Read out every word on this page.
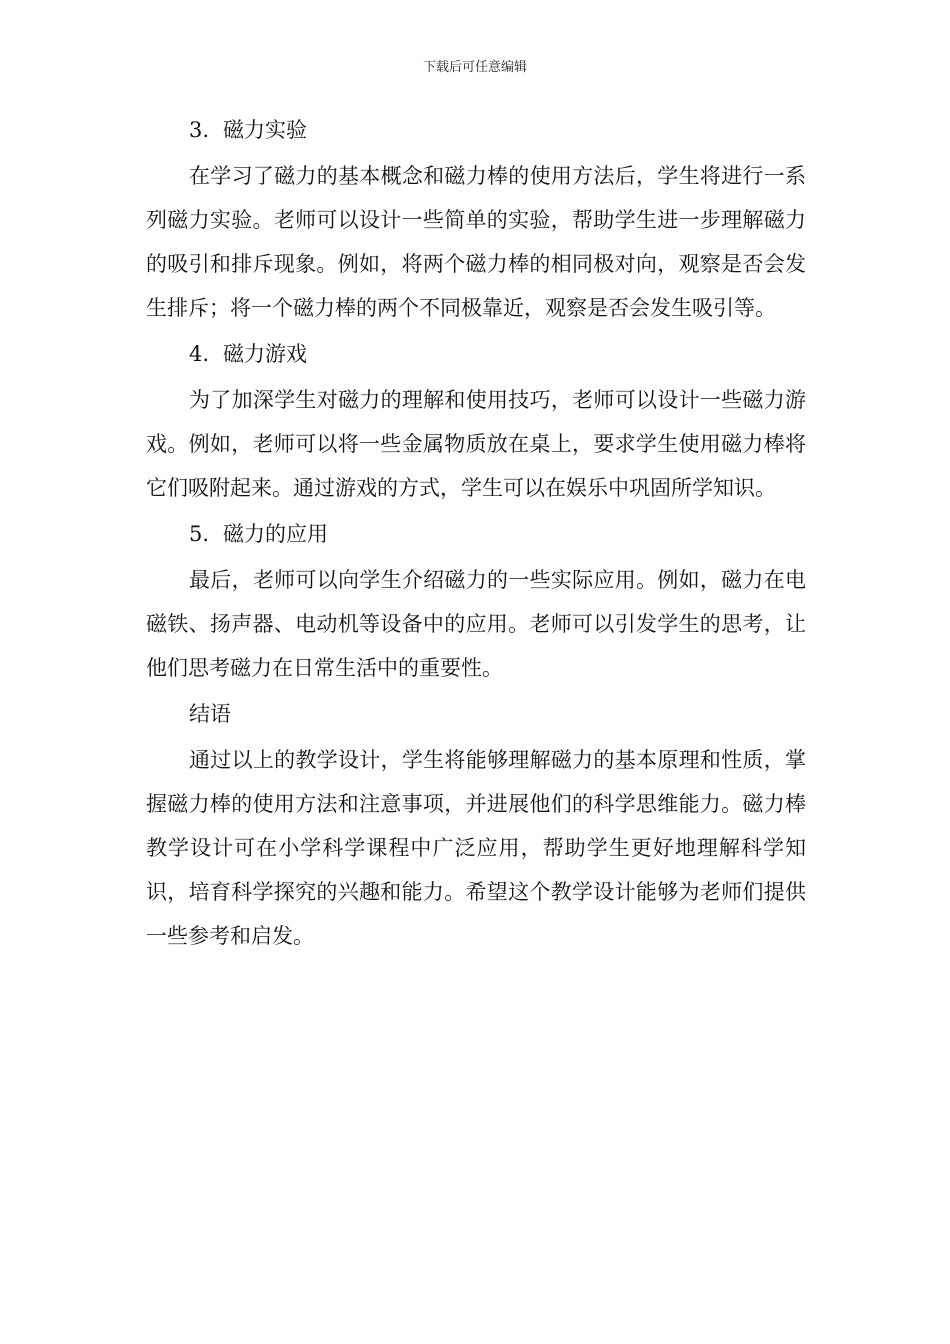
下载后可任意编辑
3. 磁力实验

在学习了磁力的基本概念和磁力棒的使用方法后，学生将进行一系列磁力实验。老师可以设计一些简单的实验，帮助学生进一步理解磁力的吸引和排斥现象。例如，将两个磁力棒的相同极对向，观察是否会发生排斥；将一个磁力棒的两个不同极靠近，观察是否会发生吸引等。

4. 磁力游戏

为了加深学生对磁力的理解和使用技巧，老师可以设计一些磁力游戏。例如，老师可以将一些金属物质放在桌上，要求学生使用磁力棒将它们吸附起来。通过游戏的方式，学生可以在娱乐中巩固所学知识。

5. 磁力的应用

最后，老师可以向学生介绍磁力的一些实际应用。例如，磁力在电磁铁、扬声器、电动机等设备中的应用。老师可以引发学生的思考，让他们思考磁力在日常生活中的重要性。

结语

通过以上的教学设计，学生将能够理解磁力的基本原理和性质，掌握磁力棒的使用方法和注意事项，并进展他们的科学思维能力。磁力棒教学设计可在小学科学课程中广泛应用，帮助学生更好地理解科学知识，培育科学探究的兴趣和能力。希望这个教学设计能够为老师们提供一些参考和启发。
